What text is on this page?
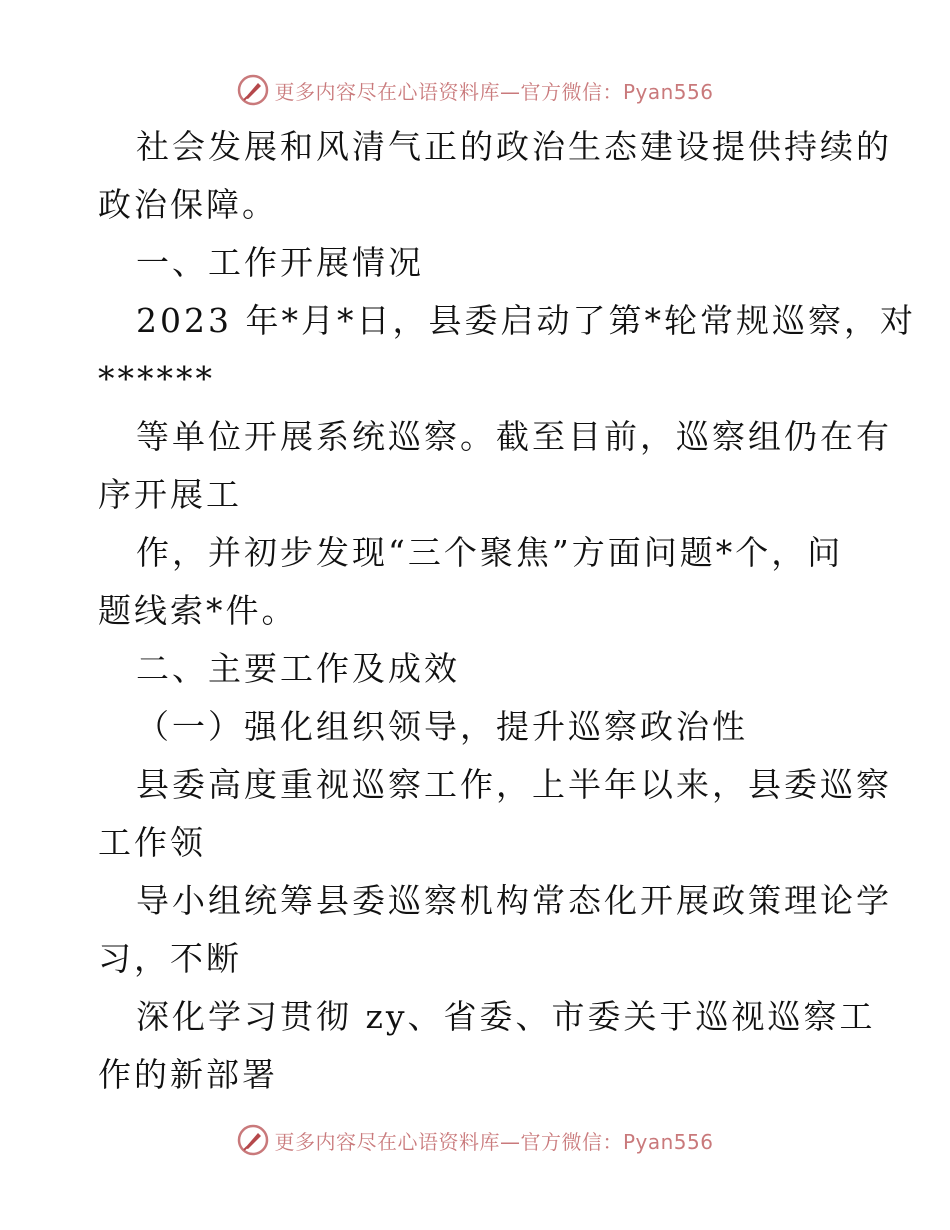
更多内容尽在心语资料库—官方微信：Pyan556
社会发展和风清气正的政治生态建设提供持续的
政治保障。
一、工作开展情况
2023 年*月*日，县委启动了第*轮常规巡察，对
******
等单位开展系统巡察。截至目前，巡察组仍在有
序开展工
作，并初步发现“三个聚焦”方面问题*个，问
题线索*件。
二、主要工作及成效
（一）强化组织领导，提升巡察政治性
县委高度重视巡察工作，上半年以来，县委巡察
工作领
导小组统筹县委巡察机构常态化开展政策理论学
习，不断
深化学习贯彻 zy、省委、市委关于巡视巡察工
作的新部署
更多内容尽在心语资料库—官方微信：Pyan556
